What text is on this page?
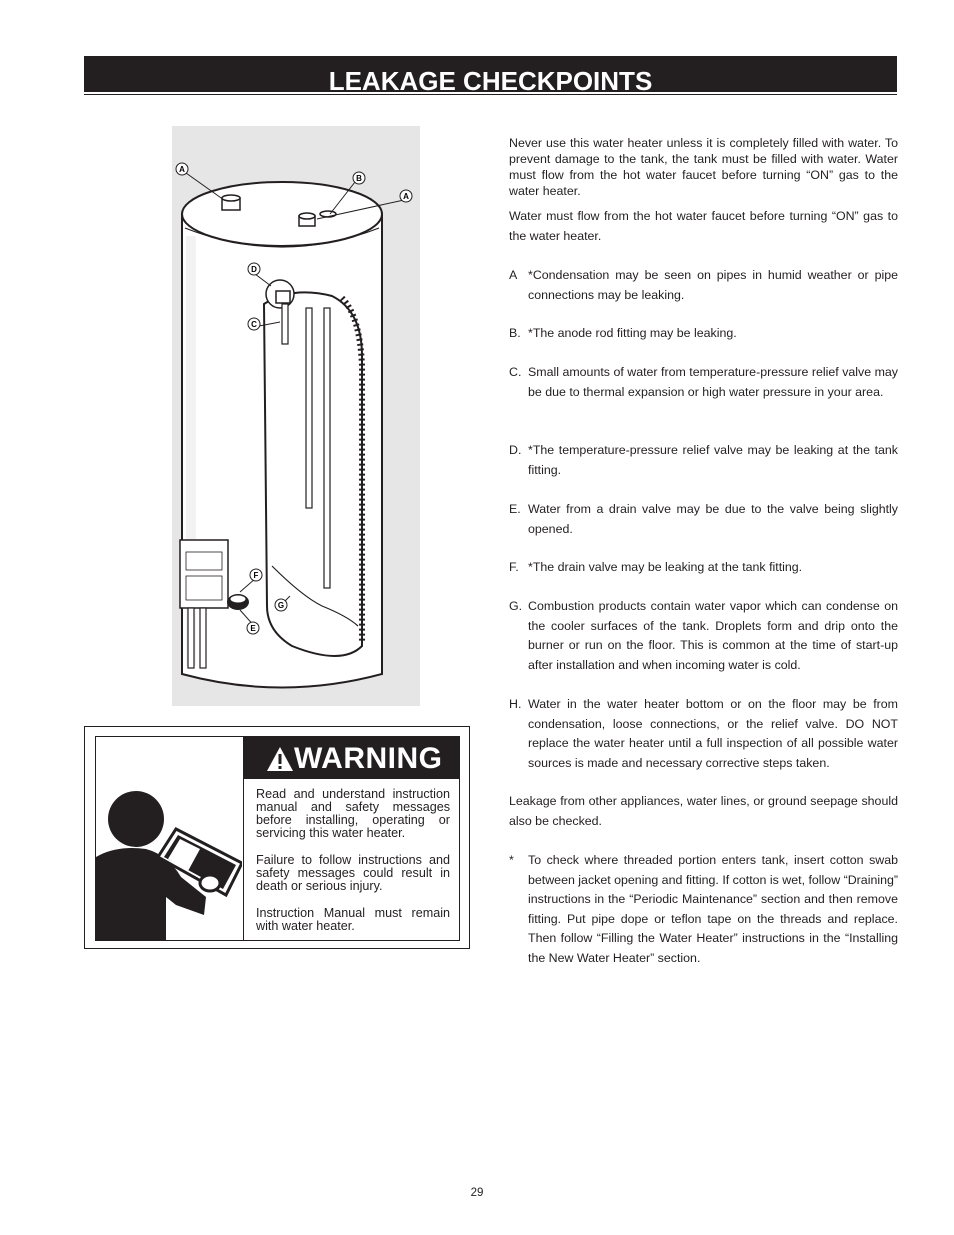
LEAKAGE CHECKPOINTS
A
B
A
D
C
F
G
E
WARNING
Read and understand instruction manual and safety messages before installing, operating or servicing this water heater.
Failure to follow instructions and safety messages could result in death or serious injury.
Instruction Manual must remain with water heater.
Never use this water heater unless it is completely filled with water. To prevent damage to the tank, the tank must be filled with water. Water must flow from the hot water faucet before turning “ON” gas to the water heater.
Water must flow from the hot water faucet before turning “ON” gas to the water heater.
A *Condensation may be seen on pipes in humid weather or pipe connections may be leaking.
B. *The anode rod fitting may be leaking.
C. Small amounts of water from temperature-pressure relief valve may be due to thermal expansion or high water pressure in your area.
D. *The temperature-pressure relief valve may be leaking at the tank fitting.
E. Water from a drain valve may be due to the valve being slightly opened.
F. *The drain valve may be leaking at the tank fitting.
G. Combustion products contain water vapor which can condense on the cooler surfaces of the tank. Droplets form and drip onto the burner or run on the floor. This is common at the time of start-up after installation and when incoming water is cold.
H. Water in the water heater bottom or on the floor may be from condensation, loose connections, or the relief valve. DO NOT replace the water heater until a full inspection of all possible water sources is made and necessary corrective steps taken.
Leakage from other appliances, water lines, or ground seepage should also be checked.
* To check where threaded portion enters tank, insert cotton swab between jacket opening and fitting. If cotton is wet, follow “Draining” instructions in the “Periodic Maintenance” section and then remove fitting. Put pipe dope or teflon tape on the threads and replace. Then follow “Filling the Water Heater” instructions in the “Installing the New Water Heater” section.
29
